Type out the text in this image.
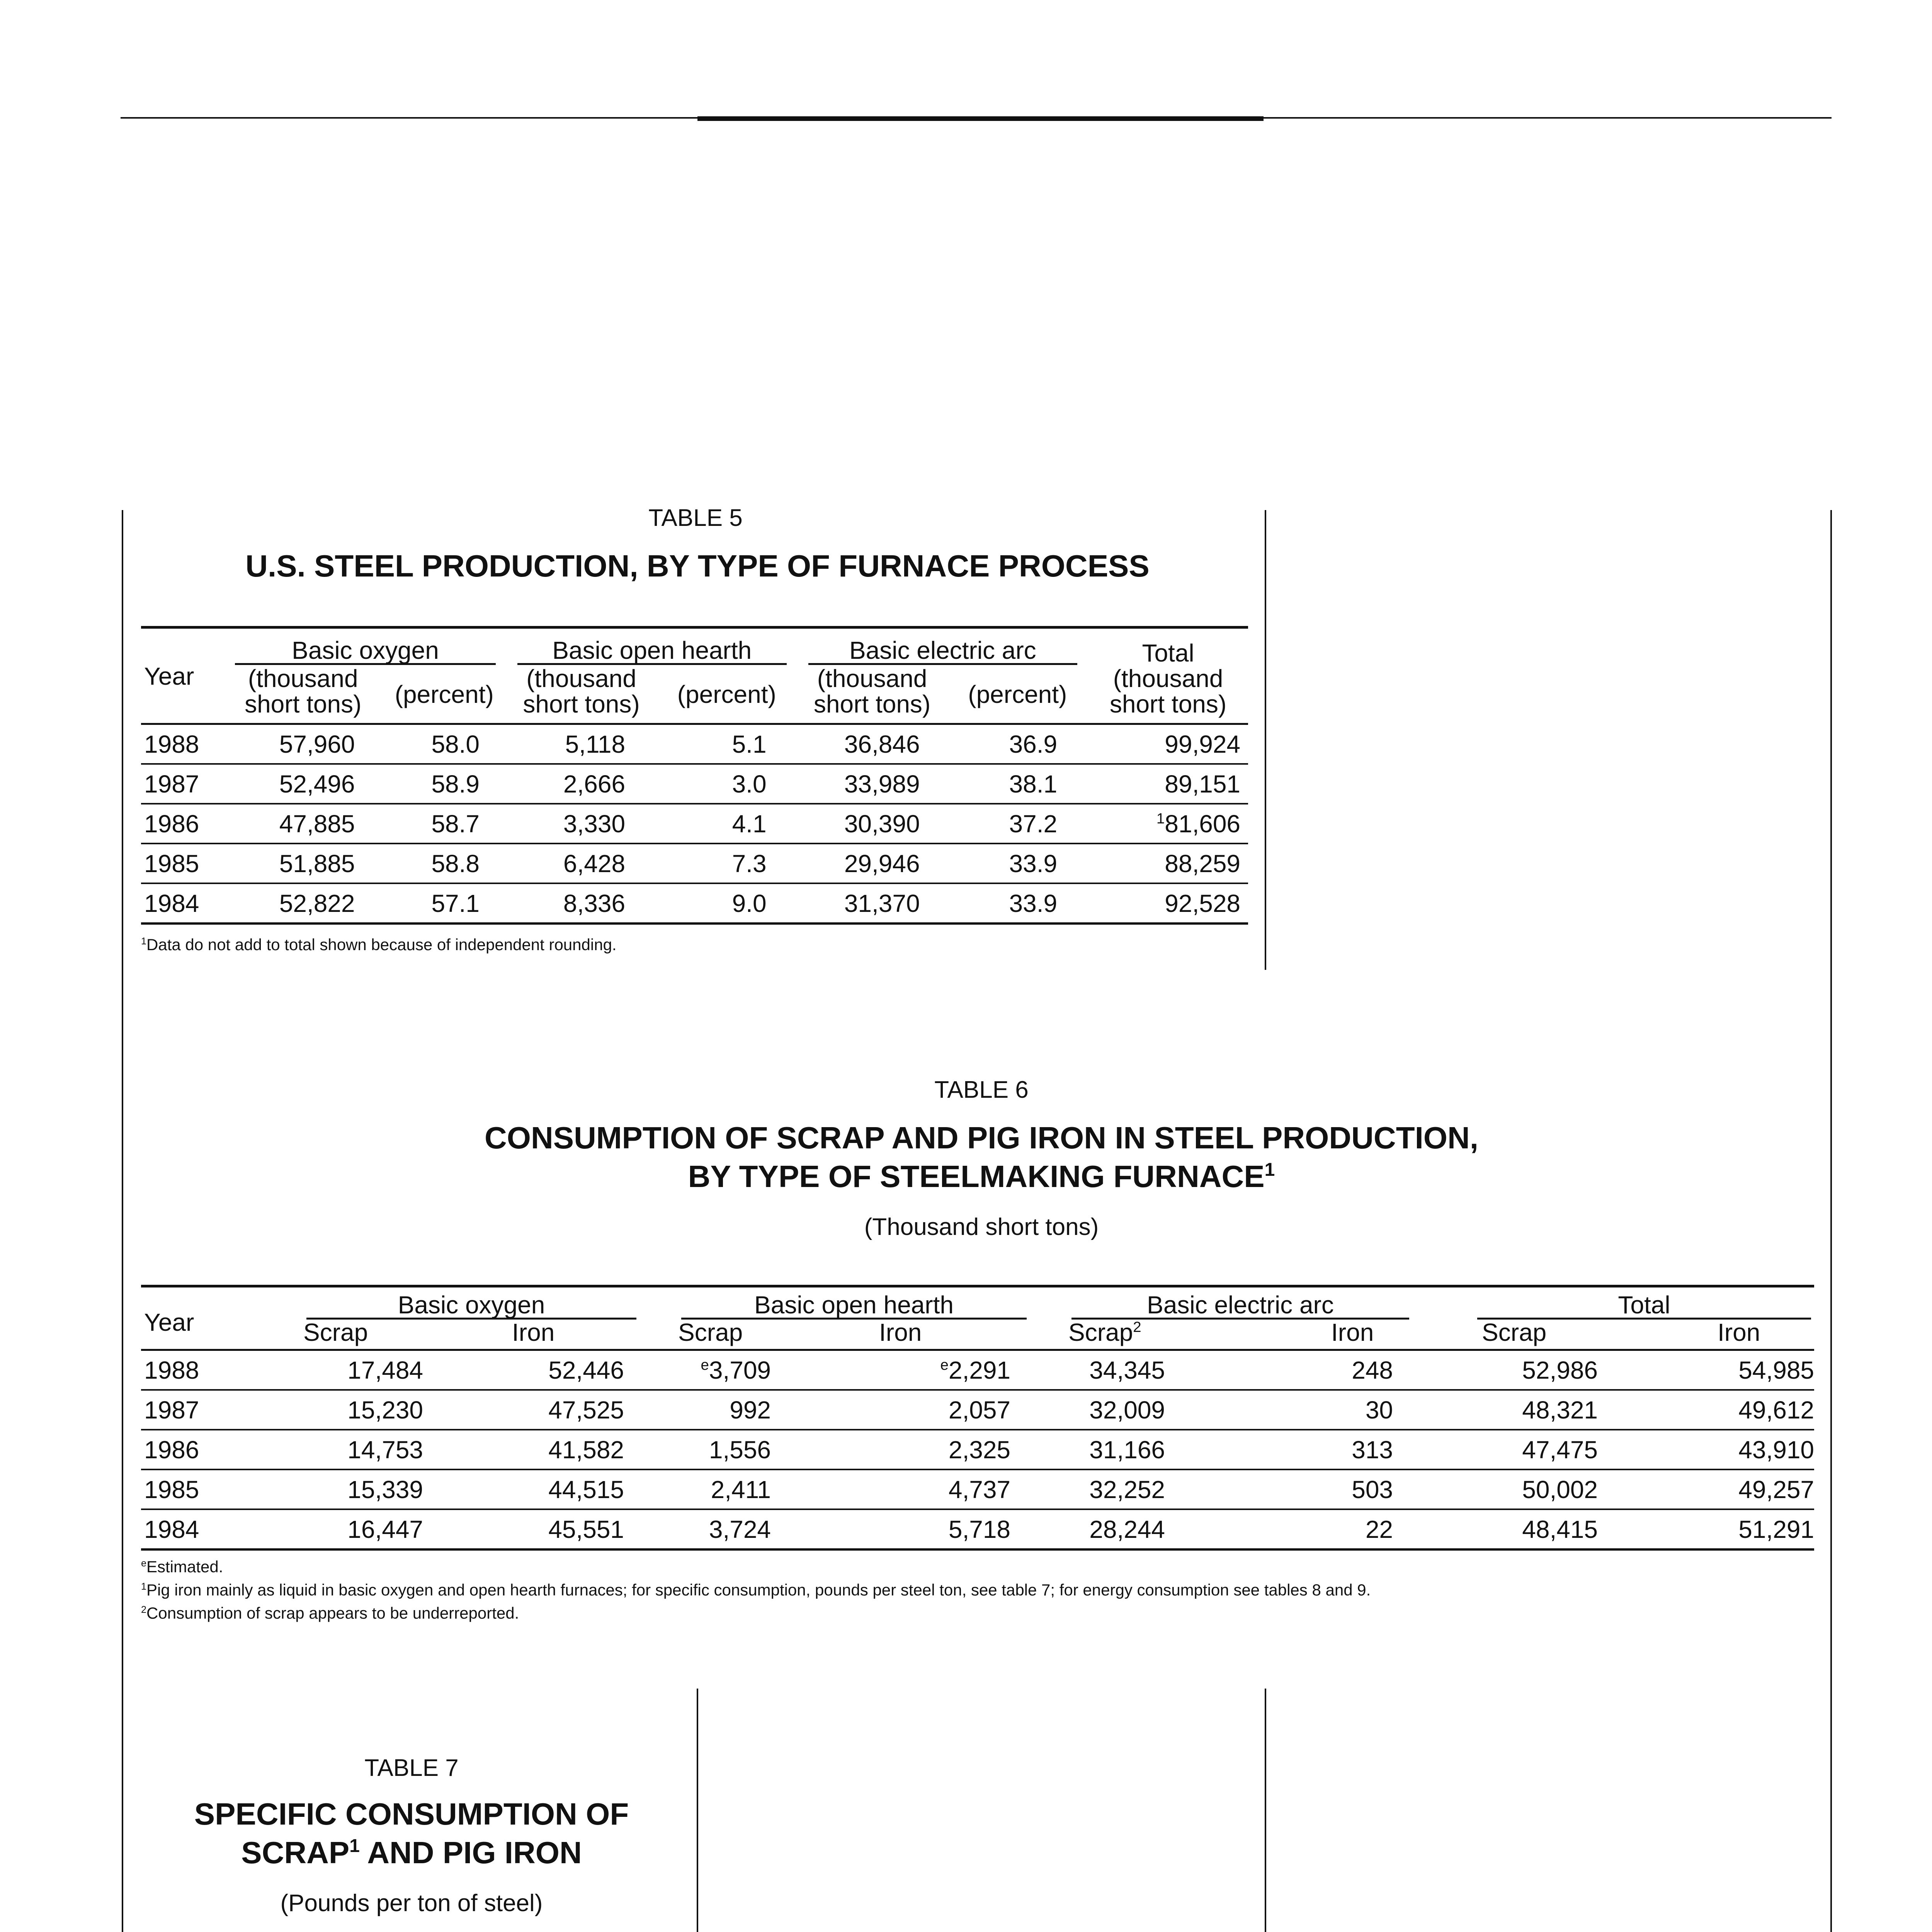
TABLE 5
U.S. STEEL PRODUCTION, BY TYPE OF FURNACE PROCESS
Year	Basic oxygen		Basic open hearth		Basic electric arc		Total
	(thousand	(percent)	(thousand	(percent)	(thousand	(percent)	(thousand
	short tons)		short tons)		short tons)		short tons)
1988	57,960	58.0	5,118	5.1	36,846	36.9	99,924
1987	52,496	58.9	2,666	3.0	33,989	38.1	89,151
1986	47,885	58.7	3,330	4.1	30,390	37.2	$^1$81,606
1985	51,885	58.8	6,428	7.3	29,946	33.9	88,259
1984	52,822	57.1	8,336	9.0	31,370	33.9	92,528
$^1$Data do not add to total shown because of independent rounding.
TABLE 6
CONSUMPTION OF SCRAP AND PIG IRON IN STEEL PRODUCTION,
BY TYPE OF STEELMAKING FURNACE$^1$
(Thousand short tons)
Year	Basic oxygen		Basic open hearth		Basic electric arc		Total	

	Scrap	Iron	Scrap	Iron	Scrap$^2$	Iron	Scrap	Iron
1988	17,484	52,446	$^e$3,709	$^e$2,291	34,345	248	52,986	54,985
1987	15,230	47,525	992	2,057	32,009	30	48,321	49,612
1986	14,753	41,582	1,556	2,325	31,166	313	47,475	43,910
1985	15,339	44,515	2,411	4,737	32,252	503	50,002	49,257
1984	16,447	45,551	3,724	5,718	28,244	22	48,415	51,291
$^e$Estimated.
$^1$Pig iron mainly as liquid in basic oxygen and open hearth furnaces; for specific consumption, pounds per steel ton, see table 7; for energy consumption see tables 8 and 9.
$^2$Consumption of scrap appears to be underreported.
TABLE 7
SPECIFIC CONSUMPTION OF
SCRAP$^1$ AND PIG IRON
(Pounds per ton of steel)
